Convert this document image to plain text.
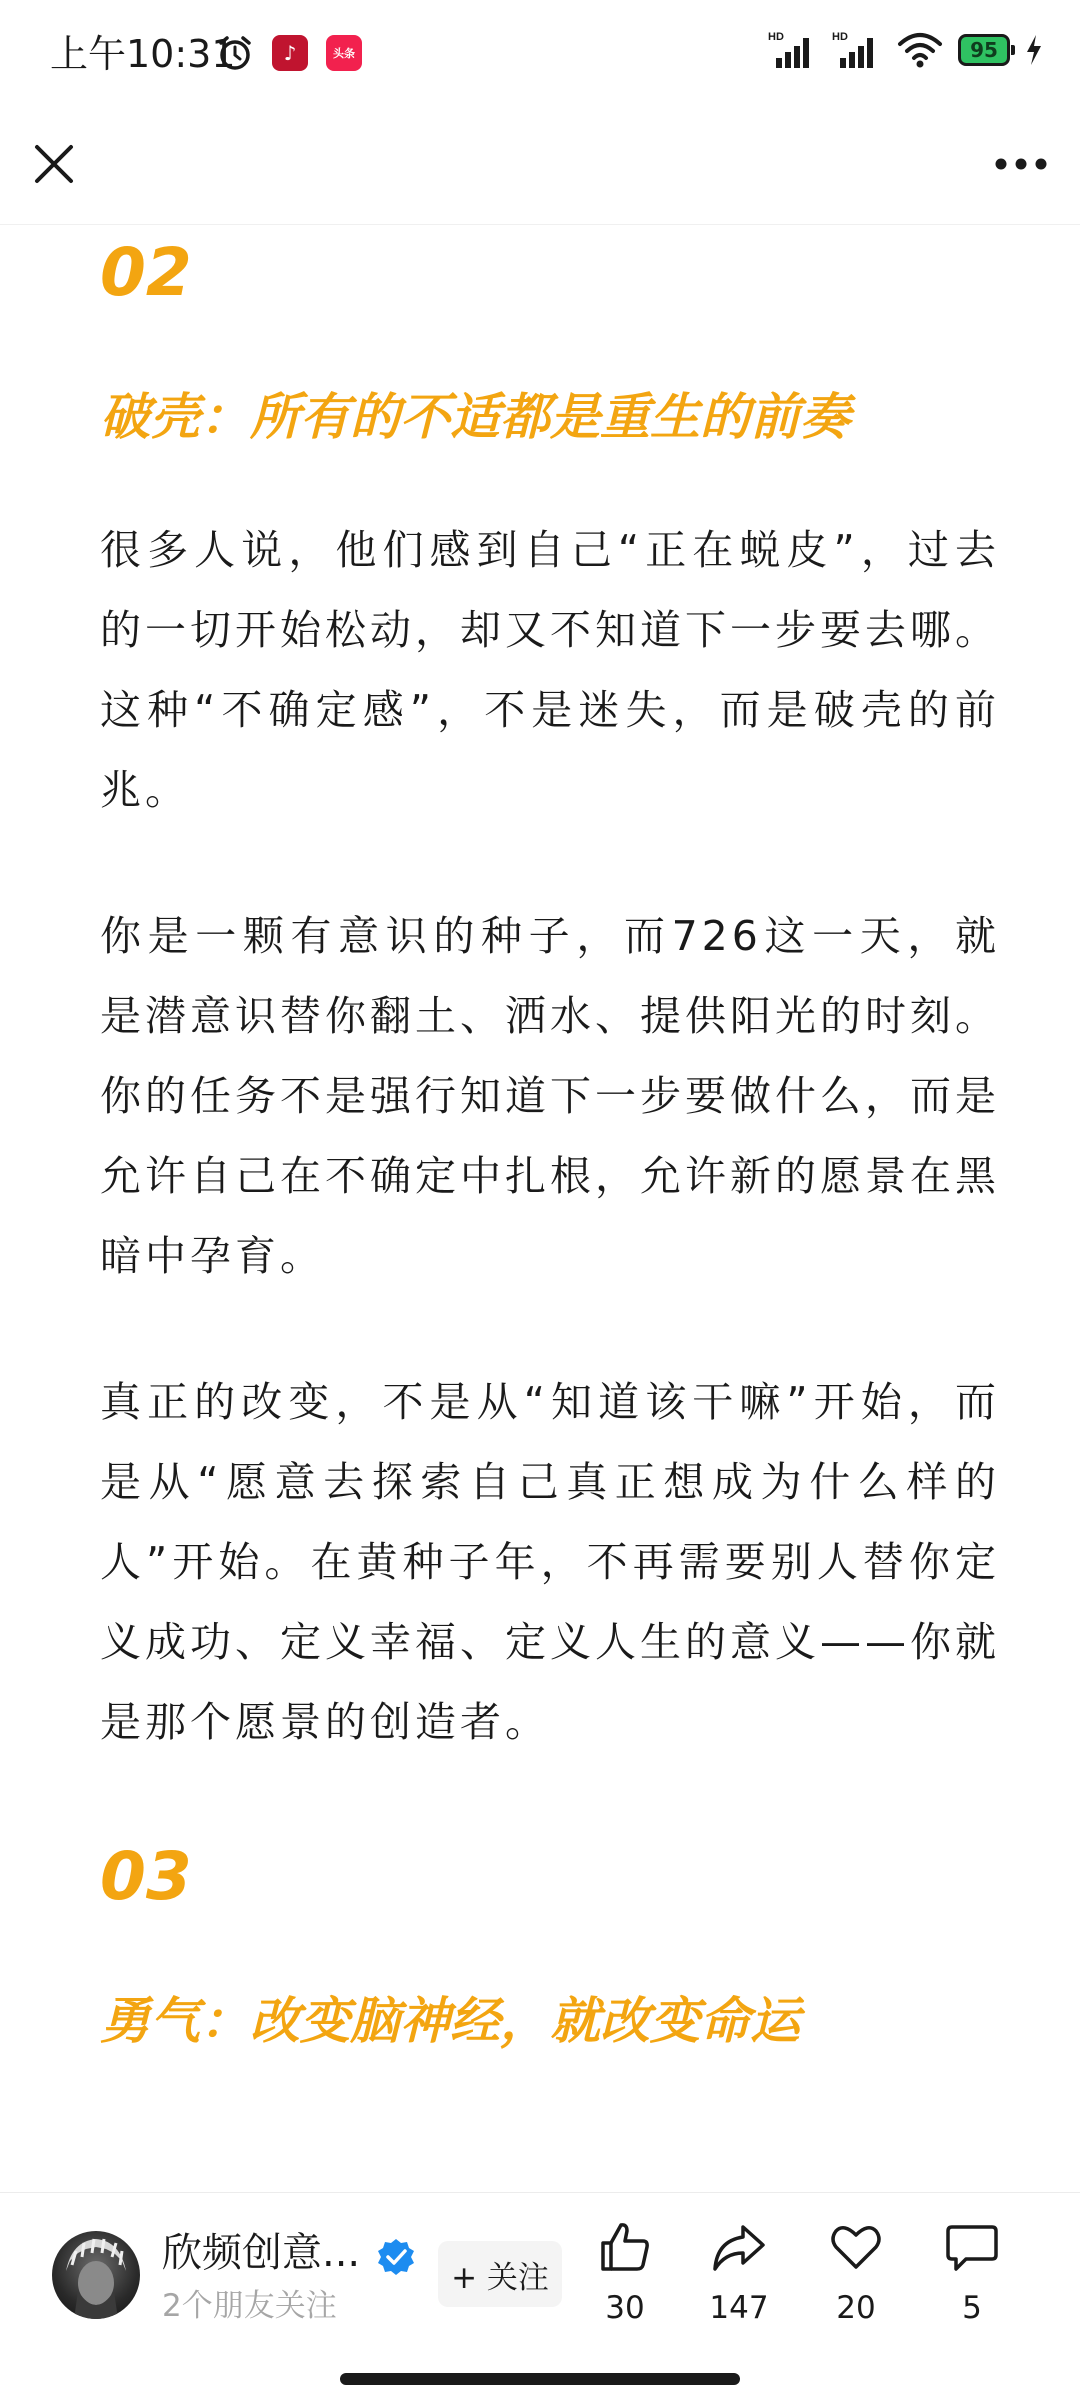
上午10:31	♪	头条
HD	HD
95
02
破壳：所有的不适都是重生的前奏

很多人说，他们感到自己“正在蜕皮”，过去的一切开始松动，却又不知道下一步要去哪。这种“不确定感”，不是迷失，而是破壳的前兆。

你是一颗有意识的种子，而726这一天，就是潜意识替你翻土、洒水、提供阳光的时刻。

你的任务不是强行知道下一步要做什么，而是允许自己在不确定中扎根，允许新的愿景在黑暗中孕育。

真正的改变，不是从“知道该干嘛”开始，而是从“愿意去探索自己真正想成为什么样的人”开始。在黄种子年，不再需要别人替你定义成功、定义幸福、定义人生的意义——你就是那个愿景的创造者。

03
勇气：改变脑神经，就改变命运
欣频创意...
2个朋友关注
+ 关注
30 147 20	5
